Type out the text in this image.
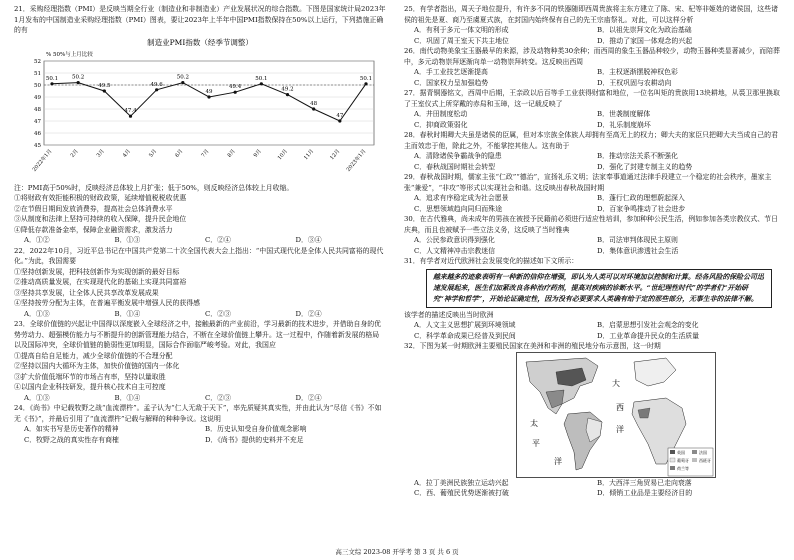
21．采购经理指数（PMI）是反映当期全行业（制造业和非制造业）产业发展状况的综合指数。下图是国家统计局2023年1月发布的中国制造业采购经理指数（PMI）图表，要让2023年上半年中国PMI指数保持在50%以上运行，下列措施正确的有

制造业PMI指数（经季节调整）
% 50%与上月比较
52
51
50
49
48
47
46
45
50.1	50.2
49.5
47.4
49.6
50.2
49
49.4
50.1
49.2
48
47
50.1
2022年1月	2月	3月	4月	5月	6月	7月	8月	9月	10月	11月	12月 2023年1月

注：PMI高于50%时，反映经济总体较上月扩张；低于50%，则反映经济总体较上月收缩。

①将财政有效拒能积极的财政政策，延续增值税税收优惠

②在节假日期间发放消费券，提高社会总体消费水平

③从制度和法律上坚持可持续的收入保障，提升民企地位

④降低存款准备金率，保障企业融资需求，激发活力

A．①②	B．①③	C．②④	D．③④

22．2022年10月，习近平总书记在中国共产党第二十次全国代表大会上指出：“中国式现代化是全体人民共同富裕的现代化。”为此，我国需要

①坚持创新发展，把科技创新作为实现创新的最好目标

②推动高质量发展，在实现现代化的基础上实现共同富裕

③坚持共享发展，让全体人民共享改革发展成果

④坚持按劳分配为主体，在普遍平衡发展中增强人民的获得感

A．①③	B．①④	C．②③	D．②④

23．全球价值链的兴起让中国得以深度嵌入全球经济之中，接触最新的产业前沿，学习最新的技术进步，并借助自身的优势劳动力、超强模仿能力与不断提升的创新管理能力结合，不断在全球价值链上攀升。这一过程中，作随着新发展的格局以及国际冲突，全球价值链的脆弱性更加明显，国际合作面临严峻考验。对此，我国应

①提高自给自足能力，减少全球价值链的不合理分配

②坚持以国内大循环为主体，加快价值链的国内一体化

③扩大价值低端环节的市场占有率，坚持以量取胜

④以国内企业科技研发，提升核心技术自主可控度

A．①③	B．①④	C．②③	D．②④

24．《尚书》中记载牧野之战“血流漂杵”。孟子认为“仁人无敌于天下”，率先质疑其真实性，并由此认为“尽信《书》不如无《书》”，并最后引用了“血流漂杵”记载与解释的种种争议。这说明

A．如实书写是历史著作的精神	B．历史认知受自身价值观念影响
C．牧野之战的真实性存有商榷	D．《尚书》提供的史料并不充足

25．有学者指出，周天子地位提升，有许多不同的铁器随即西周贵族将主东方建立了陈、宋、杞等非姬姓的诸侯国，这些诸侯的祖先是夏、商乃至虞夏式族，在封国内始终保有自己的先王宗庙祭礼。对此，可以这样分析

A．有利于多元一体文明的形成	B．以祖先崇拜文化为政治基础
C．巩固了周王室天下共主地位	D．推动了家国一体观念的兴起

26．南代动物美象宝玉器最早的来源，涉及动物种类30余种；而西周的象生玉器品种较少，动物玉器种类显著减少，而陪葬中，多元动物崇拜逐渐向单一动物崇拜转变。这反映出西周

A．手工业技艺逐渐提高	B．主权逐渐摆脱神权色彩
C．国家权力呈加强趋势	D．王权巩固与农耕动向

27．据青铜器铭文，西周中后期，王亲政以后百等手工业获得财富和地位，一位名叫矩的贵族用13块耕地，从裘卫那里换取了王室仪式上所穿戴的赤舄和玉璋，这一记载反映了

A．井田制度松动	B．世袭制度解体
C．抑商政策弱化	D．礼乐制度崩坏

28．春秋时期卿大夫虽是诸侯的臣属，但对本宗族全体族人却拥有至高无上的权力；卿大夫的家臣只把卿大夫当成自己的君主而效忠于他，除此之外，不能掌控其他人。这有助于

A．清除诸侯争霸战争的隐患	B．推动宗法关系不断强化
C．春秋战国时期社会转型	D．强化了封建专制主义的趋势

29．春秋战国时期，儒家主张“仁政”“德治”，宣扬礼乐文明；法家奉事道通过法律手段建立一个稳定的社会秩序，墨家主张“兼爱”，“非攻”等形式以实现社会和谐。这反映出春秋战国时期

A．追求有序稳定成为社会愿景	B．蓬行仁政的理想蔚起深入
C．思想领域趋向同归而殊途	D．百家争鸣推动了社会进步

30．在古代雅典，尚未成年的男孩在被授予民籍前必须进行适应性培训，参加种种公民生活，例如参加各类宗教仪式、节日庆典，而且也被赋予一些立法义务，这反映了当时雅典

A．公民参政意识得到强化	B．司法审判体现民主原则
C．人文精神冲击宗教迷信	D．集体意识渗透社会生活

31．有学者对近代欧洲社会发展变化的描述如下文所示：

越来越多的迹象表明有一种新的信仰在增强，即认为人类可以对环境加以控制和计算。经各风险的保险公司迅速发展起来，医生们加紧改良各种治疗药剂，提高对疾病的诊断水平。“世纪理性时代”的学者们“开始研究“神学和哲学”，开始论证确定性，因为没有必要要求人类确有给于定的那些部分，无事生非的法律不解。

该学者的描述反映出当时欧洲

A．人文主义思想扩展到环境领域	B．启蒙思想引发社会观念的变化
C．科学革命成果已经普及到民间	D．工业革命提升民众的生活质量

32．下图为某一时期欧洲主要殖民国家在美洲和非洲的殖民地分布示意图，这一时期

大
西
洋
太
平
洋
英国	法国
葡萄牙	西班牙
荷兰等
A．拉丁美洲民族独立运动兴起	B．大西洋三角贸易已走向衰落
C．西、葡殖民优势逐渐被打破	D．倾销工业品是主要经济目的
高三文综 2023-08 开学考 第 3 页 共 6 页
